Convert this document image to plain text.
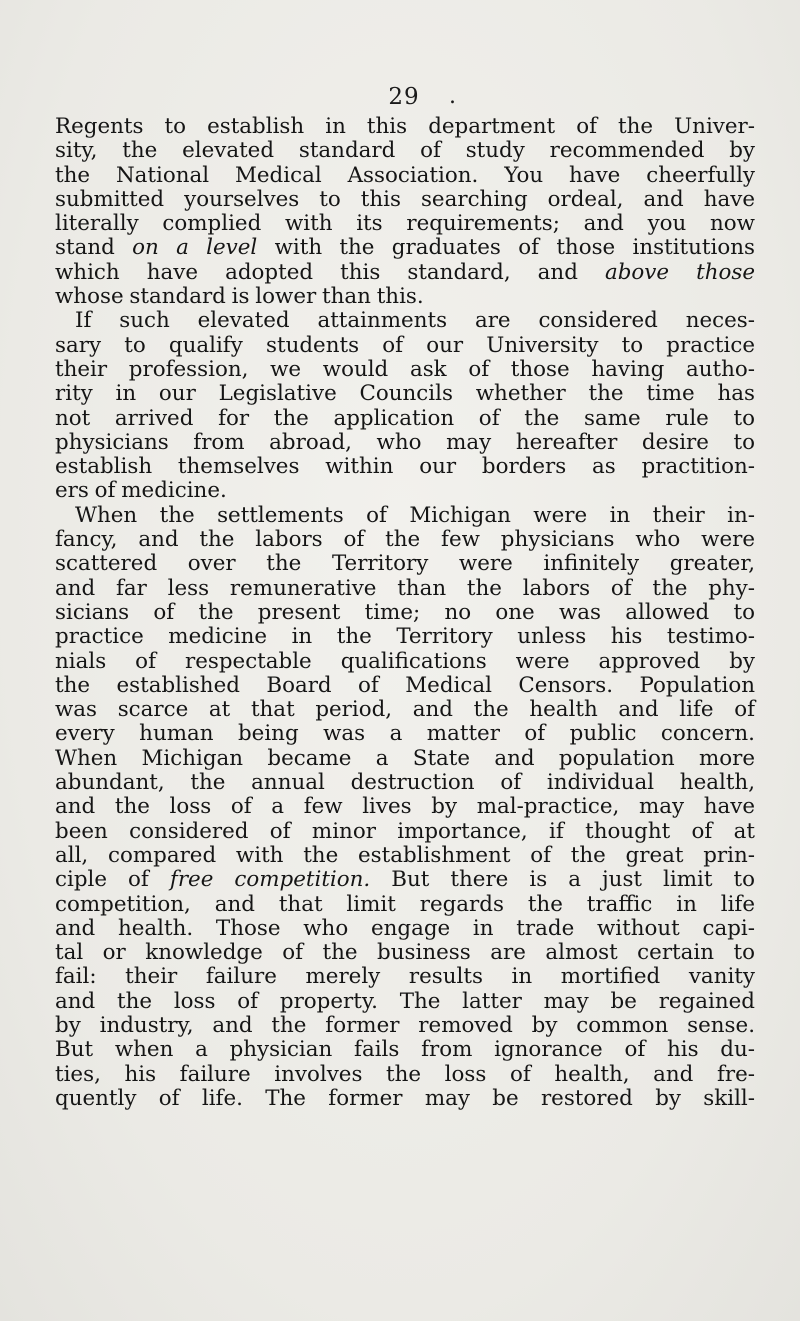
29	.
Regents to establish in this department of the Univer-
sity, the elevated standard of study recommended by
the National Medical Association. You have cheerfully
submitted yourselves to this searching ordeal, and have
literally complied with its requirements; and you now
stand on a level with the graduates of those institutions
which have adopted this standard, and above those
whose standard is lower than this.
If such elevated attainments are considered neces-
sary to qualify students of our University to practice
their profession, we would ask of those having autho-
rity in our Legislative Councils whether the time has
not arrived for the application of the same rule to
physicians from abroad, who may hereafter desire to
establish themselves within our borders as practition-
ers of medicine.
When the settlements of Michigan were in their in-
fancy, and the labors of the few physicians who were
scattered over the Territory were infinitely greater,
and far less remunerative than the labors of the phy-
sicians of the present time; no one was allowed to
practice medicine in the Territory unless his testimo-
nials of respectable qualifications were approved by
the established Board of Medical Censors. Population
was scarce at that period, and the health and life of
every human being was a matter of public concern.
When Michigan became a State and population more
abundant, the annual destruction of individual health,
and the loss of a few lives by mal-practice, may have
been considered of minor importance, if thought of at
all, compared with the establishment of the great prin-
ciple of free competition. But there is a just limit to
competition, and that limit regards the traffic in life
and health. Those who engage in trade without capi-
tal or knowledge of the business are almost certain to
fail: their failure merely results in mortified vanity
and the loss of property. The latter may be regained
by industry, and the former removed by common sense.
But when a physician fails from ignorance of his du-
ties, his failure involves the loss of health, and fre-
quently of life. The former may be restored by skill-
